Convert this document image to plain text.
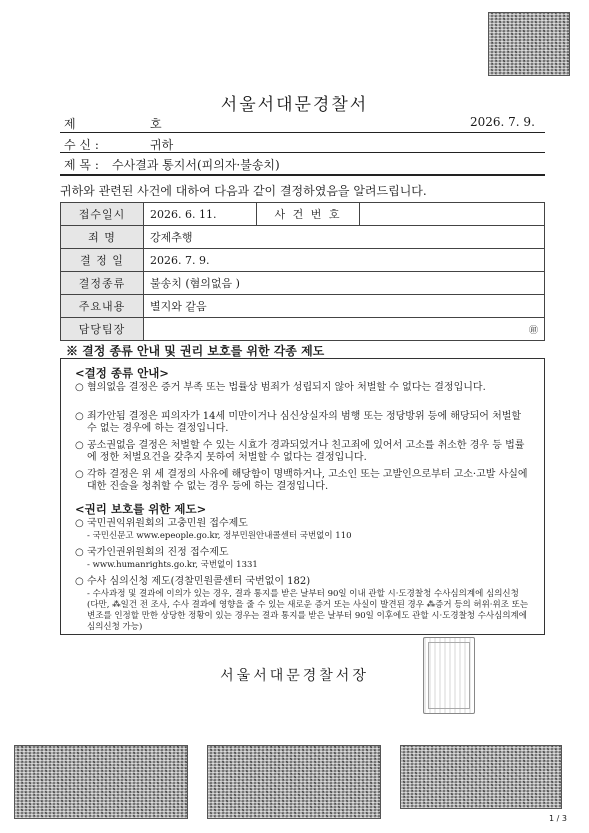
서울서대문경찰서
제	호	2026. 7. 9.
수 신 :	귀하
제 목 : 수사결과 통지서(피의자·불송치)
귀하와 관련된 사건에 대하여 다음과 같이 결정하였음을 알려드립니다.
접수일시	2026. 6. 11.	사 건 번 호	
죄 명	강제추행		
결 정 일	2026. 7. 9.		
결정종류	불송치 (혐의없음 )		
주요내용	별지와 같음		
담당팀장	㊞		
※ 결정 종류 안내 및 권리 보호를 위한 각종 제도
<결정 종류 안내>
○ 혐의없음 결정은 증거 부족 또는 법률상 범죄가 성립되지 않아 처벌할 수 없다는 결정입니다.
○ 죄가안됨 결정은 피의자가 14세 미만이거나 심신상실자의 범행 또는 정당방위 등에 해당되어 처벌할 수 없는 경우에 하는 결정입니다.
○ 공소권없음 결정은 처벌할 수 있는 시효가 경과되었거나 친고죄에 있어서 고소를 취소한 경우 등 법률에 정한 처벌요건을 갖추지 못하여 처벌할 수 없다는 결정입니다.
○ 각하 결정은 위 세 결정의 사유에 해당함이 명백하거나, 고소인 또는 고발인으로부터 고소·고발 사실에 대한 진술을 청취할 수 없는 경우 등에 하는 결정입니다.
<권리 보호를 위한 제도>
○ 국민권익위원회의 고충민원 접수제도
- 국민신문고 www.epeople.go.kr, 정부민원안내콜센터 국번없이 110
○ 국가인권위원회의 진정 접수제도
- www.humanrights.go.kr, 국번없이 1331
○ 수사 심의신청 제도(경찰민원콜센터 국번없이 182)
- 수사과정 및 결과에 이의가 있는 경우, 결과 통지를 받은 날부터 90일 이내 관할 시·도경찰청 수사심의계에 심의신청 (다만, ⁂일건 전 조사, 수사 결과에 영향을 줄 수 있는 새로운 증거 또는 사실이 발견된 경우 ⁂증거 등의 허위·위조 또는 변조를 인정할 만한 상당한 정황이 있는 경우는 결과 통지를 받은 날부터 90일 이후에도 관할 시·도경찰청 수사심의계에 심의신청 가능)
서울서대문경찰서장
1 / 3
